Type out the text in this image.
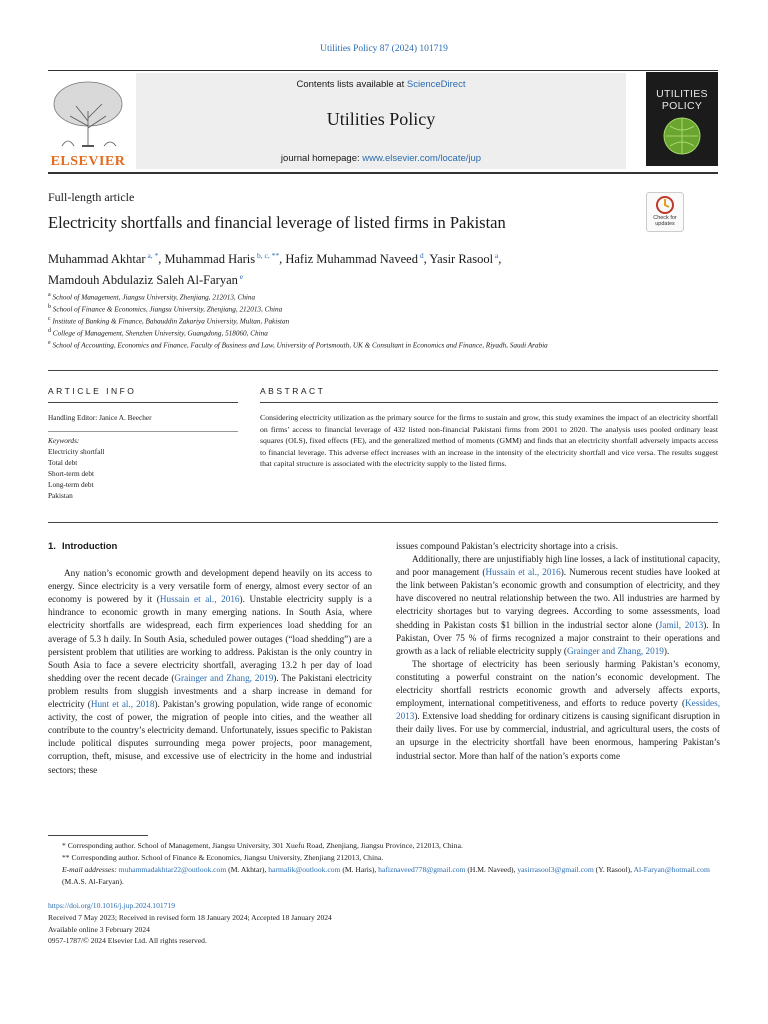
Utilities Policy 87 (2024) 101719
ELSEVIER
Contents lists available at ScienceDirect
Utilities Policy
journal homepage: www.elsevier.com/locate/jup
UTILITIES
POLICY
Full-length article
Electricity shortfalls and financial leverage of listed firms in Pakistan	Check for updates
Muhammad Akhtar $^{a, *}$, Muhammad Haris $^{b, c, **}$, Hafiz Muhammad Naveed $^d$, Yasir Rasool $^a$,
Mamdouh Abdulaziz Saleh Al-Faryan $^e$
$^a$ School of Management, Jiangsu University, Zhenjiang, 212013, China
$^b$ School of Finance & Economics, Jiangsu University, Zhenjiang, 212013, China
$^c$ Institute of Banking & Finance, Bahauddin Zakariya University, Multan, Pakistan
$^d$ College of Management, Shenzhen University, Guangdong, 518060, China
$^e$ School of Accounting, Economics and Finance, Faculty of Business and Law, University of Portsmouth, UK & Consultant in Economics and Finance, Riyadh, Saudi Arabia
ARTICLE INFO
Handling Editor: Janice A. Beecher
Keywords:
Electricity shortfall
Total debt
Short-term debt
Long-term debt
Pakistan
ABSTRACT
Considering electricity utilization as the primary source for the firms to sustain and grow, this study examines the impact of an electricity shortfall on firms’ access to financial leverage of 432 listed non-financial Pakistani firms from 2001 to 2020. The analysis uses pooled ordinary least squares (OLS), fixed effects (FE), and the generalized method of moments (GMM) and finds that an electricity shortfall adversely impacts access to financial leverage. This adverse effect increases with an increase in the intensity of the electricity shortfall and vice versa. The results suggest that capital structure is associated with the electricity supply to the listed firms.
1. Introduction

Any nation’s economic growth and development depend heavily on its access to energy. Since electricity is a very versatile form of energy, almost every sector of an economy is powered by it (Hussain et al., 2016). Unstable electricity supply is a hindrance to economic growth in many emerging nations. In South Asia, where electricity shortfalls are widespread, each firm experiences load shedding for an average of 5.3 h daily. In South Asia, scheduled power outages (“load shedding”) are a persistent problem that utilities are working to address. Pakistan is the only country in South Asia to face a severe electricity shortfall, averaging 13.2 h per day of load shedding over the recent decade (Grainger and Zhang, 2019). The Pakistani electricity problem results from sluggish investments and a sharp increase in demand for electricity (Hunt et al., 2018). Pakistan’s growing population, wide range of economic activity, the cost of power, the migration of people into cities, and the weather all contribute to the country’s electricity demand. Unfortunately, issues specific to Pakistan include political disputes surrounding mega power projects, poor management, corruption, theft, misuse, and excessive use of electricity in the home and industrial sectors; these

issues compound Pakistan’s electricity shortage into a crisis.

Additionally, there are unjustifiably high line losses, a lack of institutional capacity, and poor management (Hussain et al., 2016). Numerous recent studies have looked at the link between Pakistan’s economic growth and consumption of electricity, and they have discovered no neutral relationship between the two. All industries are harmed by electricity shortages but to varying degrees. According to some assessments, load shedding in Pakistan costs $1 billion in the industrial sector alone (Jamil, 2013). In Pakistan, Over 75 % of firms recognized a major constraint to their operations and growth as a lack of reliable electricity supply (Grainger and Zhang, 2019).

The shortage of electricity has been seriously harming Pakistan’s economy, constituting a powerful constraint on the nation’s economic development. The electricity shortfall restricts economic growth and adversely affects exports, employment, international competitiveness, and efforts to reduce poverty (Kessides, 2013). Extensive load shedding for ordinary citizens is causing significant disruption in their daily lives. For use by commercial, industrial, and agricultural users, the costs of an upsurge in the electricity shortfall have been enormous, hampering Pakistan’s industrial sector. More than half of the nation’s exports come

* Corresponding author. School of Management, Jiangsu University, 301 Xuefu Road, Zhenjiang, Jiangsu Province, 212013, China.

** Corresponding author. School of Finance & Economics, Jiangsu University, Zhenjiang 212013, China.

E-mail addresses: muhammadakhtar22@outlook.com (M. Akhtar), harmalik@outlook.com (M. Haris), hafiznaveed778@gmail.com (H.M. Naveed), yasirrasool3@gmail.com (Y. Rasool), Al-Faryan@hotmail.com (M.A.S. Al-Faryan).

https://doi.org/10.1016/j.jup.2024.101719
Received 7 May 2023; Received in revised form 18 January 2024; Accepted 18 January 2024
Available online 3 February 2024
0957-1787/© 2024 Elsevier Ltd. All rights reserved.
